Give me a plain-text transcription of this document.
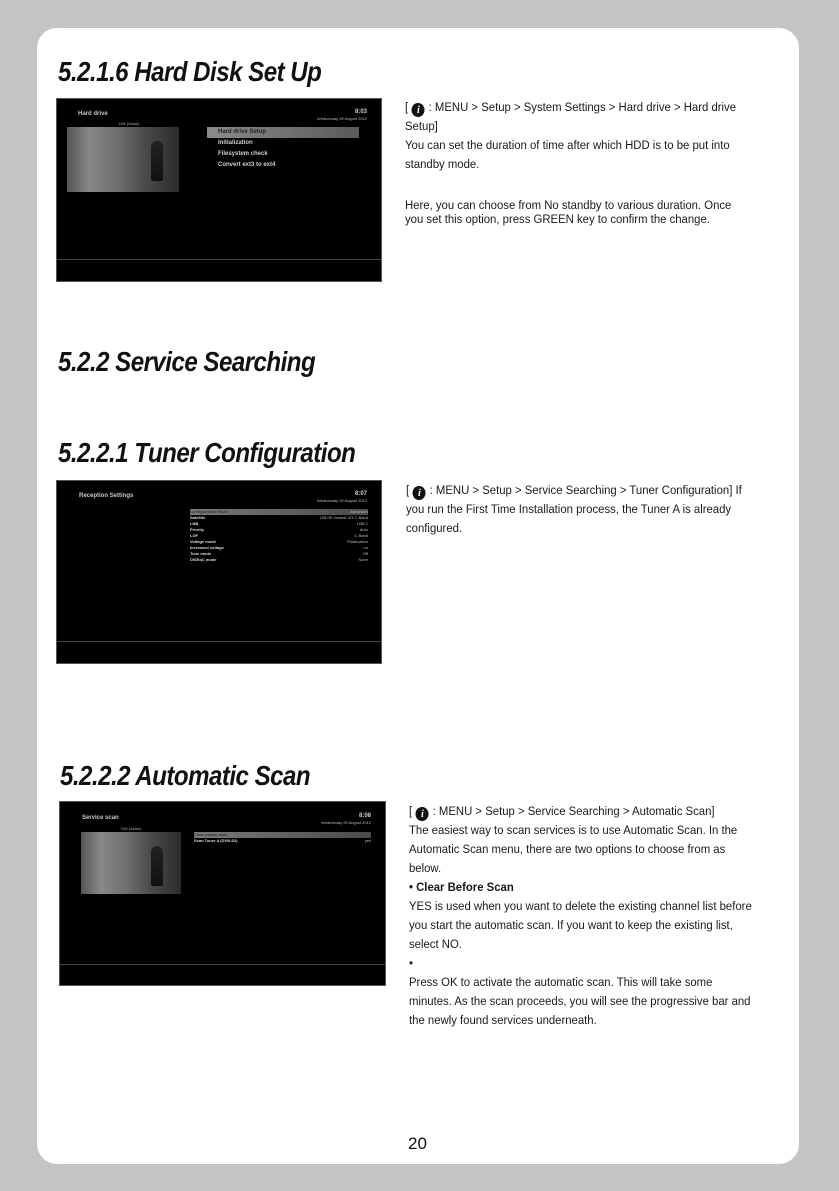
5.2.1.6 Hard Disk Set Up
Hard drive	8:03
Wednesday 29 August 2012
DW (Asian)
Hard drive Setup
Initialization
Filesystem check
Convert ext3 to ext4

[ i : MENU > Setup > System Settings > Hard drive > Hard drive Setup]

You can set the duration of time after which HDD is to be put into standby mode.

Here, you can choose from No standby to various duration. Once you set this option, press GREEN key to confirm the change.

5.2.2 Service Searching
5.2.2.1 Tuner Configuration
Reception Settings	8:07
Wednesday 29 August 2012
Configuration Mode	Advanced
Satellite	108.0E measat 3/3 C-Band
LNB	LNB 1
Priority	Auto
LOF	C-Band
Voltage mode	Polarization
Increased voltage	no
Tone mode	Off
DiSEqC mode	None

[ i : MENU > Setup > Service Searching > Tuner Configuration] If you run the First Time Installation process, the Tuner A is already configured.

5.2.2.2 Automatic Scan
Service scan	8:08
Wednesday 29 August 2012
DW (Asian)
Clear before scan
Scan Tuner A (DVB-S2)	yes

[ i : MENU > Setup > Service Searching > Automatic Scan]

The easiest way to scan services is to use Automatic Scan. In the Automatic Scan menu, there are two options to choose from as below.

• Clear Before Scan

YES is used when you want to delete the existing channel list before you start the automatic scan. If you want to keep the existing list, select NO.

•

Press OK to activate the automatic scan. This will take some minutes. As the scan proceeds, you will see the progressive bar and the newly found services underneath.

20
